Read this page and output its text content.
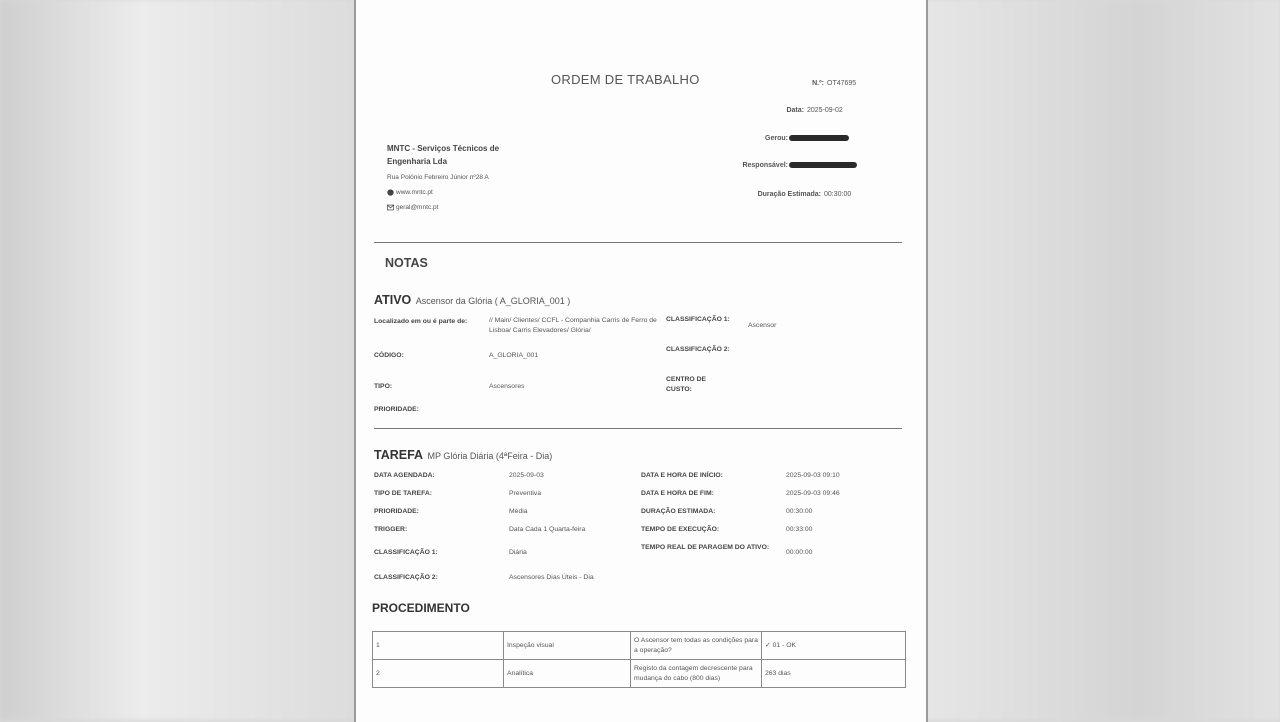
ORDEM DE TRABALHO	N.º: OT47695
Data: 2025-09-02
Gerou:
Responsável:
Duração Estimada: 00:30:00
MNTC - Serviços Técnicos de Engenharia Lda
Rua Polónio Febreiro Júnior nº28 A
www.mntc.pt
geral@mntc.pt
NOTAS
ATIVO Ascensor da Glória ( A_GLORIA_001 )
Localizado em ou é parte de:	// Main/ Clientes/ CCFL - Companhia Carris de Ferro de Lisboa/ Carris Elevadores/ Glória/
CÓDIGO:	A_GLORIA_001
TIPO:	Ascensores
PRIORIDADE:
CLASSIFICAÇÃO 1:
Ascensor
CLASSIFICAÇÃO 2:
CENTRO DE CUSTO:
TAREFA MP Glória Diária (4ªFeira - Dia)
DATA AGENDADA:	2025-09-03
TIPO DE TAREFA:	Preventiva
PRIORIDADE:	Média
TRIGGER:	Data Cada 1 Quarta-feira
CLASSIFICAÇÃO 1:	Diária
CLASSIFICAÇÃO 2:	Ascensores Dias Úteis - Dia
DATA E HORA DE INÍCIO:	2025-09-03 09:10
DATA E HORA DE FIM:	2025-09-03 09:46
DURAÇÃO ESTIMADA:	00:30:00
TEMPO DE EXECUÇÃO:	00:33:00
TEMPO REAL DE PARAGEM DO ATIVO:
00:00:00
PROCEDIMENTO
1	Inspeção visual	O Ascensor tem todas as condições para a operação?	✓ 01 - OK
2	Analítica	Registo da contagem decrescente para mudança do cabo (800 dias)	263 dias
